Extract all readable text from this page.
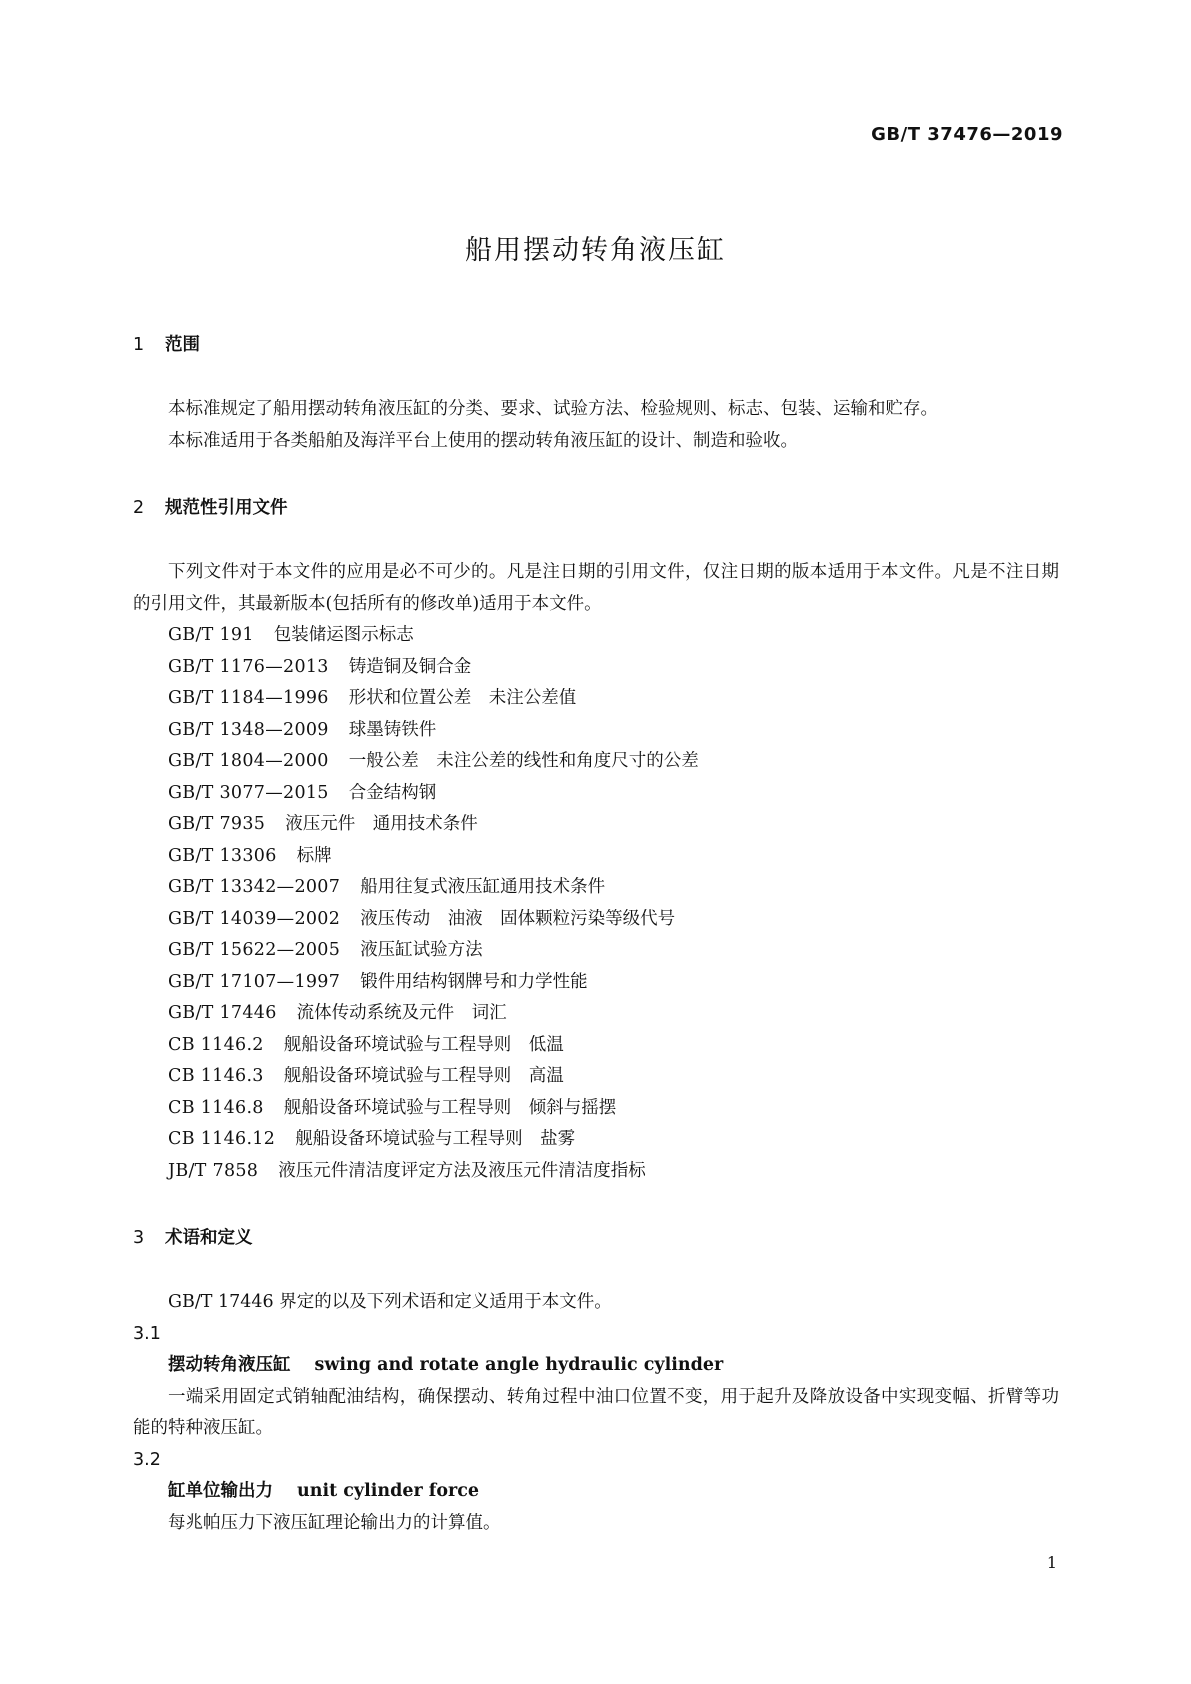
GB/T 37476—2019
船用摆动转角液压缸
1 范围

本标准规定了船用摆动转角液压缸的分类、要求、试验方法、检验规则、标志、包装、运输和贮存。

本标准适用于各类船舶及海洋平台上使用的摆动转角液压缸的设计、制造和验收。

2 规范性引用文件

下列文件对于本文件的应用是必不可少的。凡是注日期的引用文件，仅注日期的版本适用于本文件。凡是不注日期的引用文件，其最新版本(包括所有的修改单)适用于本文件。

GB/T 191 包装储运图示标志
GB/T 1176—2013 铸造铜及铜合金
GB/T 1184—1996 形状和位置公差　未注公差值
GB/T 1348—2009 球墨铸铁件
GB/T 1804—2000 一般公差　未注公差的线性和角度尺寸的公差
GB/T 3077—2015 合金结构钢
GB/T 7935 液压元件　通用技术条件
GB/T 13306 标牌
GB/T 13342—2007 船用往复式液压缸通用技术条件
GB/T 14039—2002 液压传动　油液　固体颗粒污染等级代号
GB/T 15622—2005 液压缸试验方法
GB/T 17107—1997 锻件用结构钢牌号和力学性能
GB/T 17446 流体传动系统及元件　词汇
CB 1146.2 舰船设备环境试验与工程导则　低温
CB 1146.3 舰船设备环境试验与工程导则　高温
CB 1146.8 舰船设备环境试验与工程导则　倾斜与摇摆
CB 1146.12 舰船设备环境试验与工程导则　盐雾
JB/T 7858 液压元件清洁度评定方法及液压元件清洁度指标
3 术语和定义

GB/T 17446 界定的以及下列术语和定义适用于本文件。

3.1

摆动转角液压缸 swing and rotate angle hydraulic cylinder

一端采用固定式销轴配油结构，确保摆动、转角过程中油口位置不变，用于起升及降放设备中实现变幅、折臂等功能的特种液压缸。

3.2

缸单位输出力 unit cylinder force

每兆帕压力下液压缸理论输出力的计算值。

1
